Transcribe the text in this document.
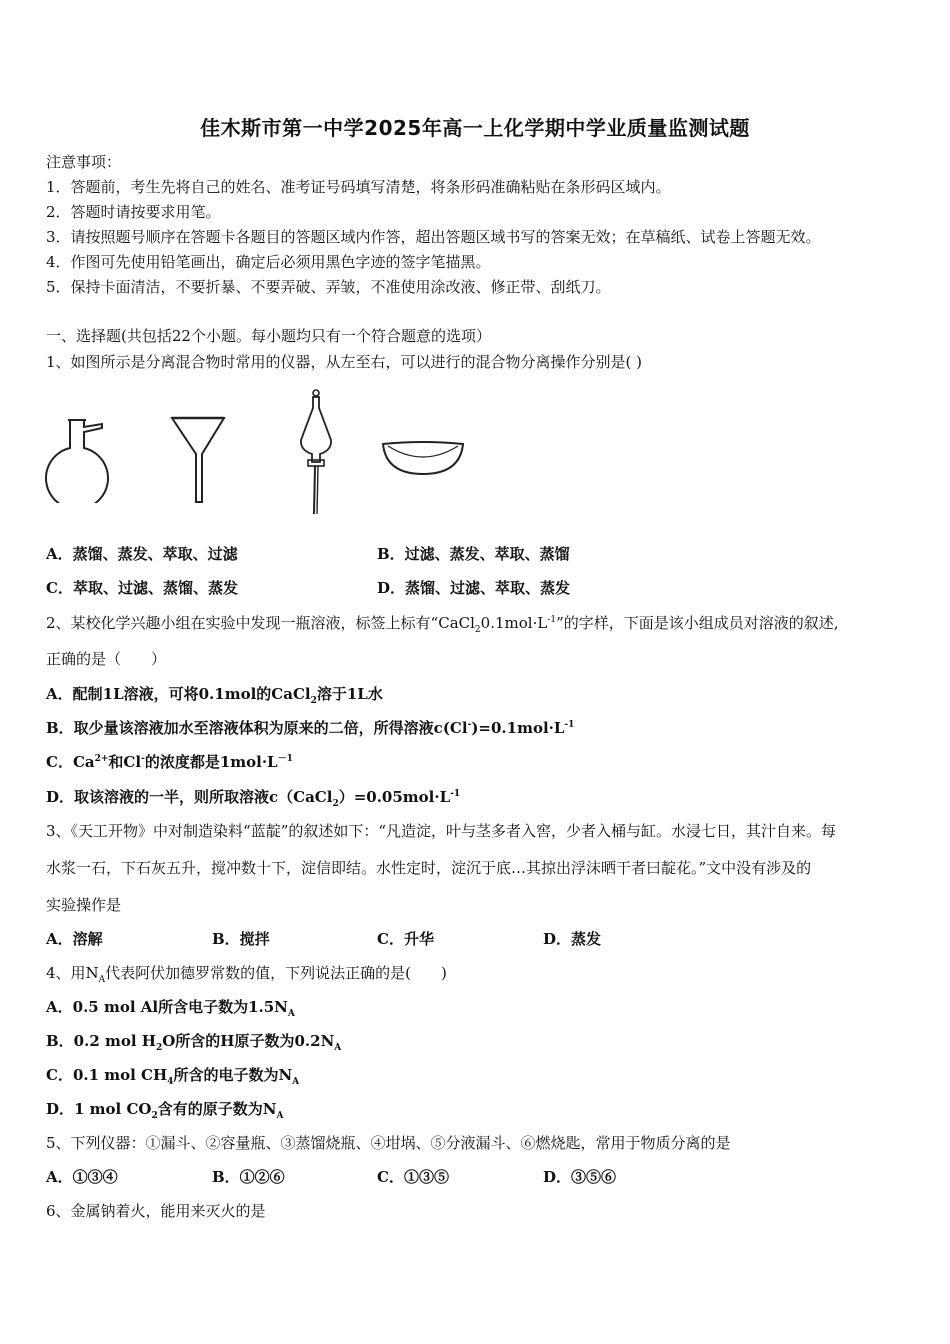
佳木斯市第一中学2025年高一上化学期中学业质量监测试题
注意事项：
1．答题前，考生先将自己的姓名、准考证号码填写清楚，将条形码准确粘贴在条形码区域内。
2．答题时请按要求用笔。
3．请按照题号顺序在答题卡各题目的答题区域内作答，超出答题区域书写的答案无效；在草稿纸、试卷上答题无效。
4．作图可先使用铅笔画出，确定后必须用黑色字迹的签字笔描黑。
5．保持卡面清洁，不要折暴、不要弄破、弄皱，不准使用涂改液、修正带、刮纸刀。
一、选择题(共包括22个小题。每小题均只有一个符合题意的选项）
1、如图所示是分离混合物时常用的仪器，从左至右，可以进行的混合物分离操作分别是( )
A．蒸馏、蒸发、萃取、过滤	B．过滤、蒸发、萃取、蒸馏
C．萃取、过滤、蒸馏、蒸发	D．蒸馏、过滤、萃取、蒸发
2、某校化学兴趣小组在实验中发现一瓶溶液，标签上标有“$CaCl_20.1mol\cdot L^{-1}$”的字样，下面是该小组成员对溶液的叙述,
正确的是（　　）
A．配制1L溶液，可将0.1mol的CaCl$_2$溶于1L水
B．取少量该溶液加水至溶液体积为原来的二倍，所得溶液$c(Cl^-)=0.1mol\cdot L^{-1}$
C．$Ca^{2+}$和Cl-的浓度都是$1mol\cdot L^{-1}$
D．取该溶液的一半，则所取溶液$c(CaCl_2)=0.05mol\cdot L^{-1}$
3、《天工开物》中对制造染料“蓝靛”的叙述如下：“凡造淀，叶与茎多者入窖，少者入桶与缸。水浸七日，其汁自来。每
水浆一石，下石灰五升，搅冲数十下，淀信即结。水性定时，淀沉于底…其掠出浮沫晒干者曰靛花。”文中没有涉及的
实验操作是
A．溶解	B．搅拌	C．升华	D．蒸发
4、用$N_A$代表阿伏加德罗常数的值，下列说法正确的是(　　)
A．0.5 mol Al所含电子数为$1.5N_A$
B．0.2 mol $H_2O$所含的H原子数为$0.2N_A$
C．0.1 mol $CH_4$所含的电子数为$N_A$
D．1 mol $CO_2$含有的原子数为$N_A$
5、下列仪器：①漏斗、②容量瓶、③蒸馏烧瓶、④坩埚、⑤分液漏斗、⑥燃烧匙，常用于物质分离的是
A．①③④	B．①②⑥	C．①③⑤	D．③⑤⑥
6、金属钠着火，能用来灭火的是
